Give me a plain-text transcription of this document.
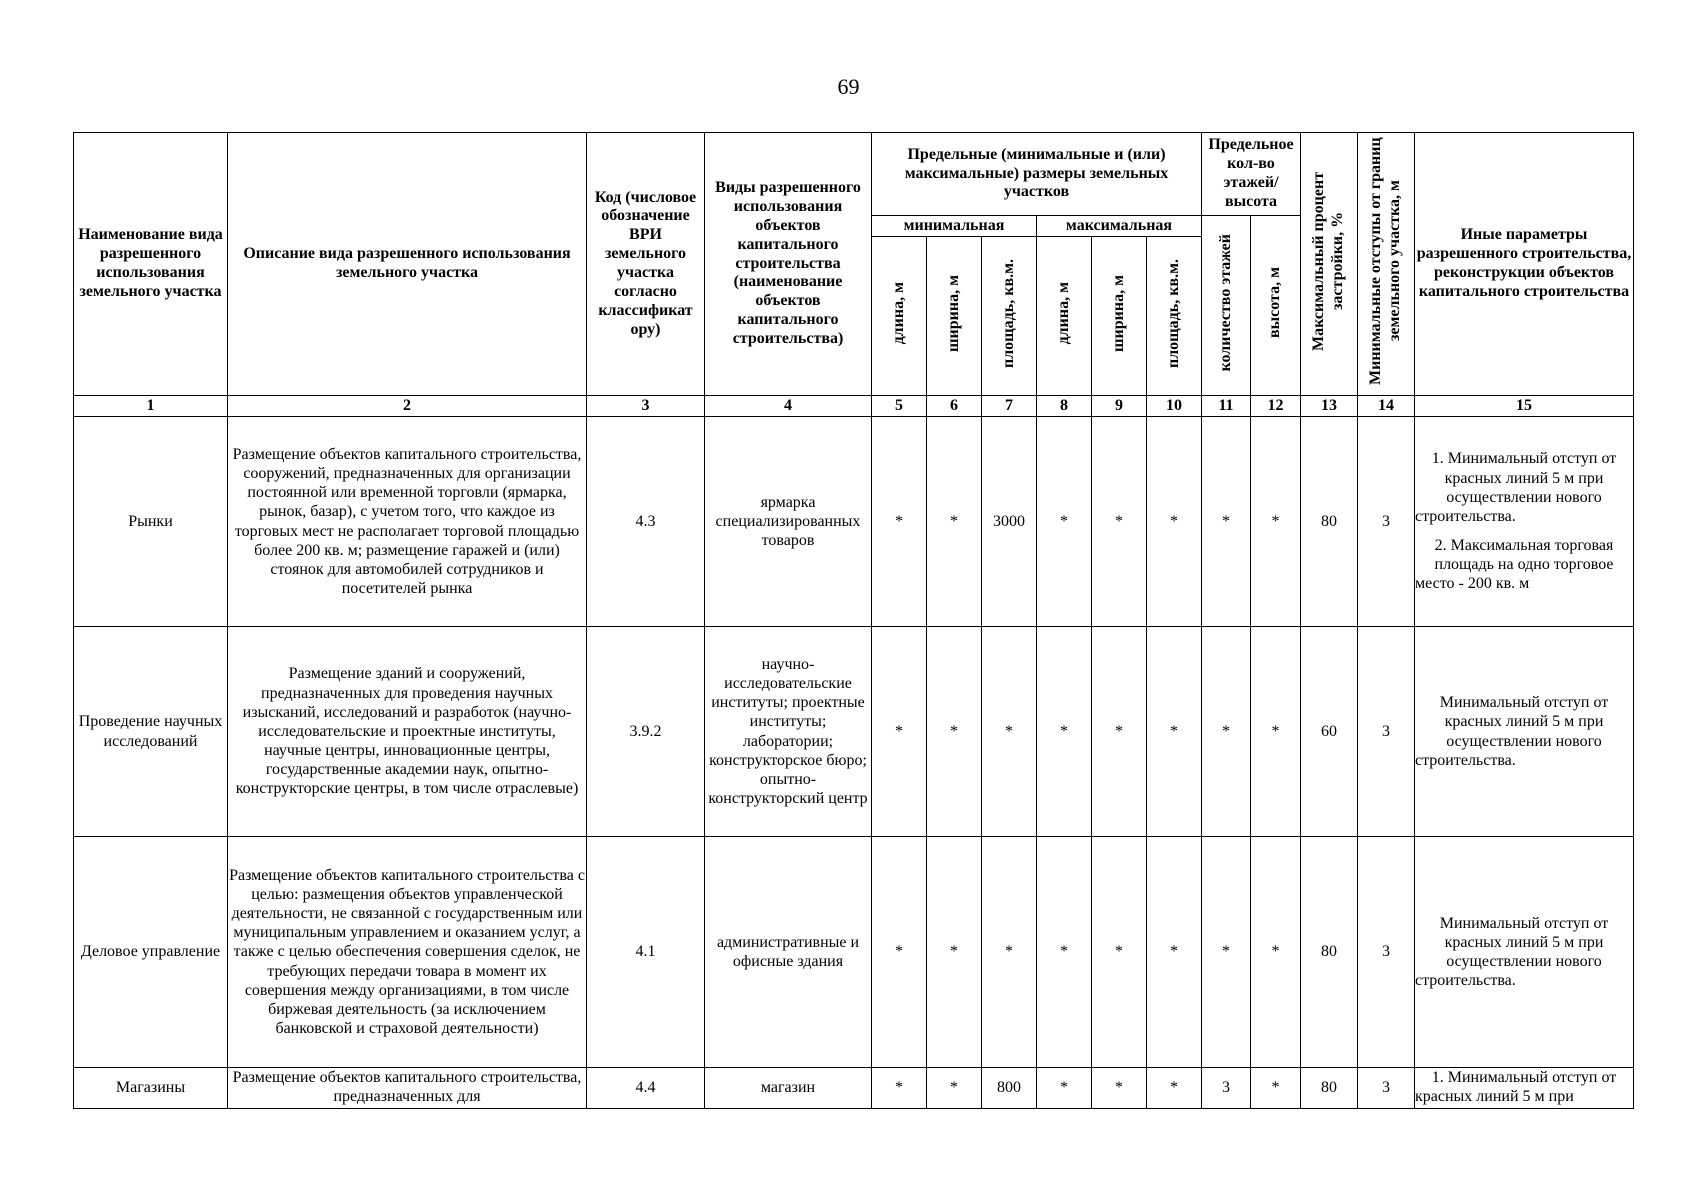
69
Наименование вида разрешенного использования земельного участка	Описание вида разрешенного использования земельного участка	Код (числовое обозначение ВРИ земельного участка согласно классификат ору)	Виды разрешенного использования объектов капитального строительства (наименование объектов капитального строительства)	Предельные (минимальные и (или) максимальные) размеры земельных участков						Предельное кол-во этажей/ высота		Максимальный процент застройки, %	Минимальные отступы от границ земельного участка, м	Иные параметры разрешенного строительства, реконструкции объектов капитального строительства
				минимальная			максимальная			количество этажей	высота, м			
				длина, м	ширина, м	площадь, кв.м.	длина, м	ширина, м	площадь, кв.м.					
1	2	3	4	5	6	7	8	9	10	11	12	13	14	15
Рынки	Размещение объектов капитального строительства, сооружений, предназначенных для организации постоянной или временной торговли (ярмарка, рынок, базар), с учетом того, что каждое из торговых мест не располагает торговой площадью более 200 кв. м; размещение гаражей и (или) стоянок для автомобилей сотрудников и посетителей рынка	4.3	ярмарка специализированных товаров	*	*	3000	*	*	*	*	*	80	3	1. Минимальный отступ от красных линий 5 м при осуществлении нового строительства.

2. Максимальная торговая площадь на одно торговое место - 200 кв. м

Проведение научных исследований	Размещение зданий и сооружений, предназначенных для проведения научных изысканий, исследований и разработок (научно-исследовательские и проектные институты, научные центры, инновационные центры, государственные академии наук, опытно-конструкторские центры, в том числе отраслевые)	3.9.2	научно-исследовательские институты; проектные институты; лаборатории; конструкторское бюро; опытно-конструкторский центр	*	*	*	*	*	*	*	*	60	3	Минимальный отступ от красных линий 5 м при осуществлении нового строительства.

Деловое управление	Размещение объектов капитального строительства с целью: размещения объектов управленческой деятельности, не связанной с государственным или муниципальным управлением и оказанием услуг, а также с целью обеспечения совершения сделок, не требующих передачи товара в момент их совершения между организациями, в том числе биржевая деятельность (за исключением банковской и страховой деятельности)	4.1	административные и офисные здания	*	*	*	*	*	*	*	*	80	3	Минимальный отступ от красных линий 5 м при осуществлении нового строительства.

Магазины	Размещение объектов капитального строительства, предназначенных для	4.4	магазин	*	*	800	*	*	*	3	*	80	3	1. Минимальный отступ от красных линий 5 м при
